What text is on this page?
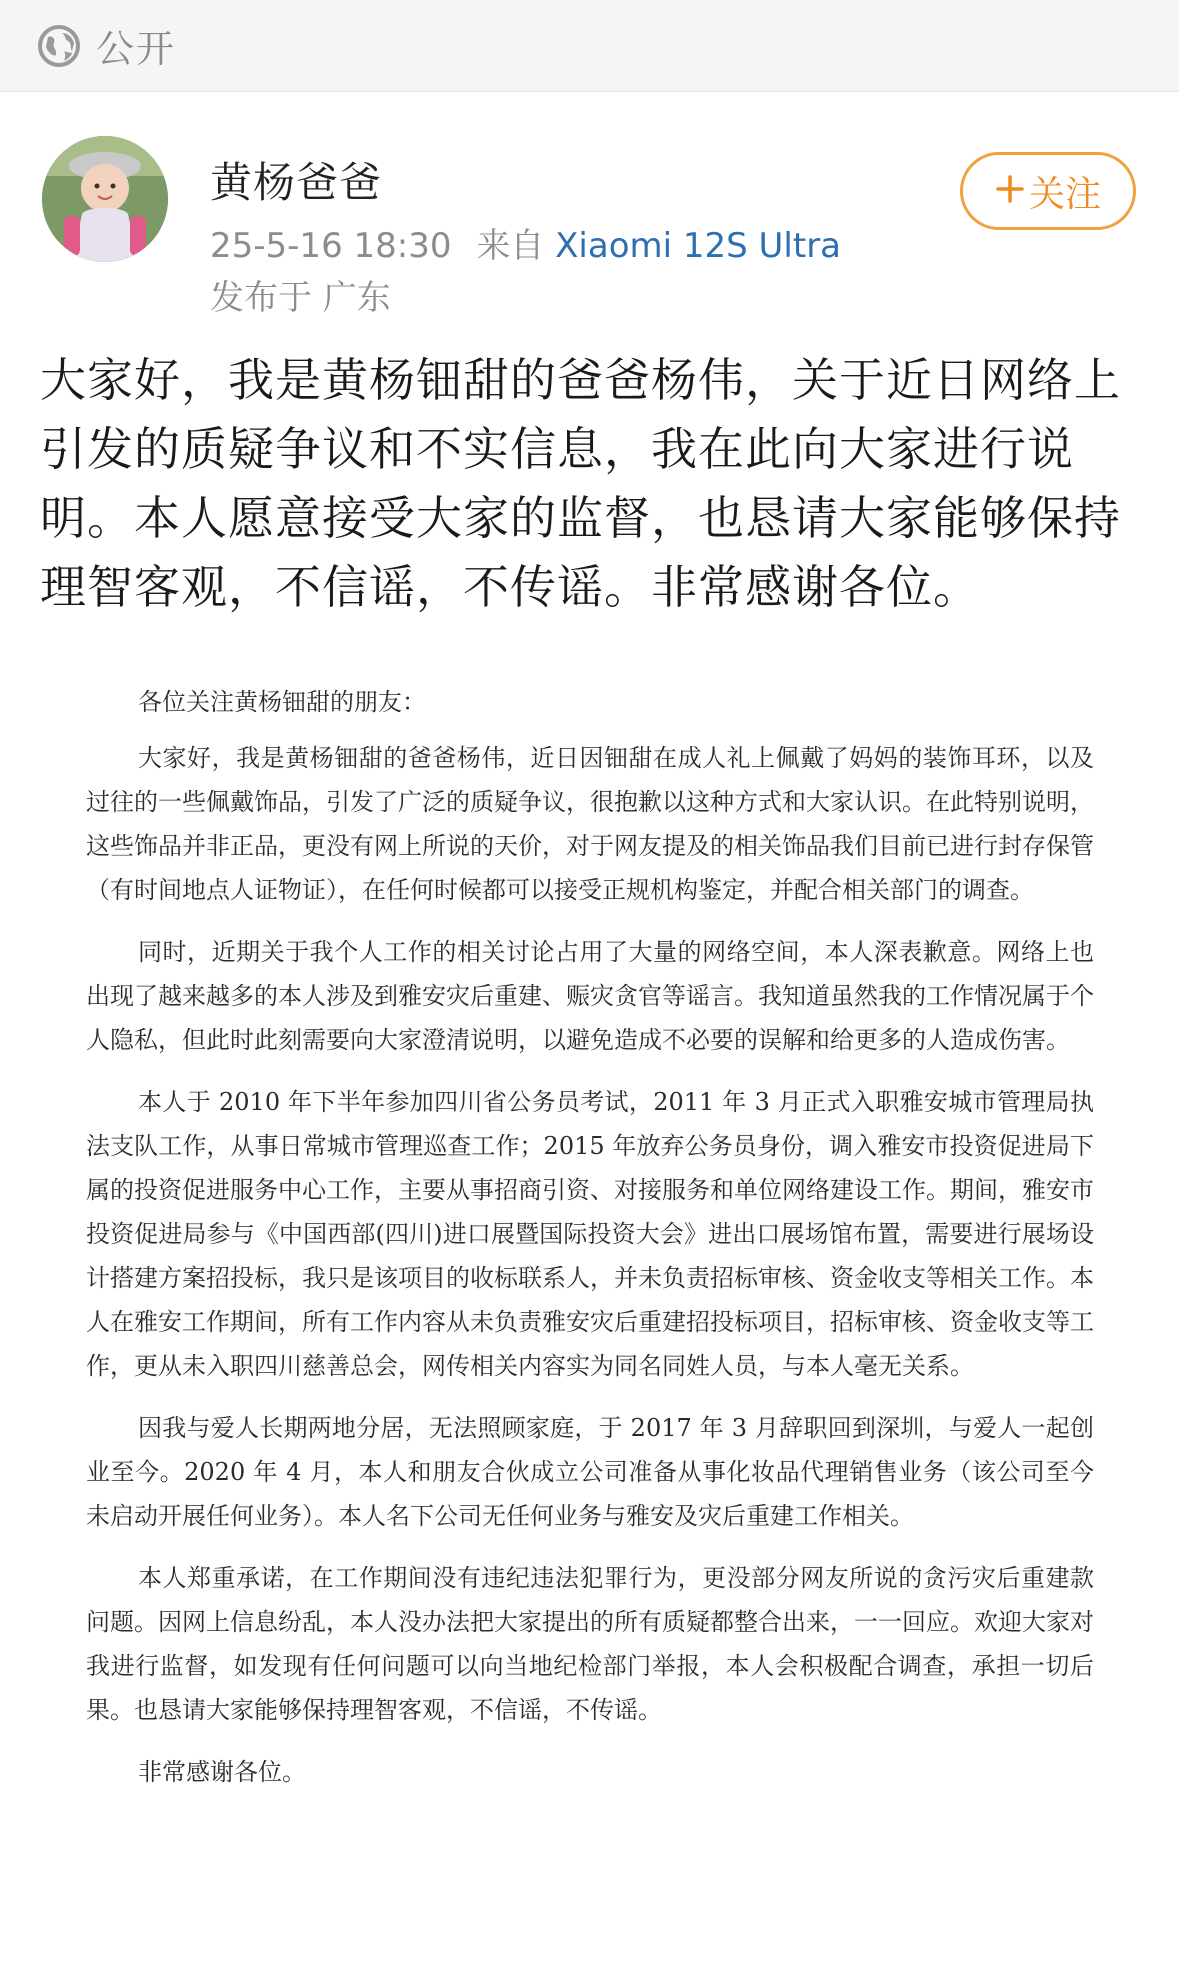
公开
黄杨爸爸
25-5-16 18:30 来自 Xiaomi 12S Ultra
发布于 广东
关注
大家好，我是黄杨钿甜的爸爸杨伟，关于近日网络上引发的质疑争议和不实信息，我在此向大家进行说明。本人愿意接受大家的监督，也恳请大家能够保持理智客观，不信谣，不传谣。非常感谢各位。
各位关注黄杨钿甜的朋友：

大家好，我是黄杨钿甜的爸爸杨伟，近日因钿甜在成人礼上佩戴了妈妈的装饰耳环，以及过往的一些佩戴饰品，引发了广泛的质疑争议，很抱歉以这种方式和大家认识。在此特别说明，这些饰品并非正品，更没有网上所说的天价，对于网友提及的相关饰品我们目前已进行封存保管（有时间地点人证物证），在任何时候都可以接受正规机构鉴定，并配合相关部门的调查。

同时，近期关于我个人工作的相关讨论占用了大量的网络空间，本人深表歉意。网络上也出现了越来越多的本人涉及到雅安灾后重建、赈灾贪官等谣言。我知道虽然我的工作情况属于个人隐私，但此时此刻需要向大家澄清说明，以避免造成不必要的误解和给更多的人造成伤害。

本人于 2010 年下半年参加四川省公务员考试，2011 年 3 月正式入职雅安城市管理局执法支队工作，从事日常城市管理巡查工作；2015 年放弃公务员身份，调入雅安市投资促进局下属的投资促进服务中心工作，主要从事招商引资、对接服务和单位网络建设工作。期间，雅安市投资促进局参与《中国西部(四川)进口展暨国际投资大会》进出口展场馆布置，需要进行展场设计搭建方案招投标，我只是该项目的收标联系人，并未负责招标审核、资金收支等相关工作。本人在雅安工作期间，所有工作内容从未负责雅安灾后重建招投标项目，招标审核、资金收支等工作，更从未入职四川慈善总会，网传相关内容实为同名同姓人员，与本人毫无关系。

因我与爱人长期两地分居，无法照顾家庭，于 2017 年 3 月辞职回到深圳，与爱人一起创业至今。2020 年 4 月，本人和朋友合伙成立公司准备从事化妆品代理销售业务（该公司至今未启动开展任何业务）。本人名下公司无任何业务与雅安及灾后重建工作相关。

本人郑重承诺，在工作期间没有违纪违法犯罪行为，更没部分网友所说的贪污灾后重建款问题。因网上信息纷乱，本人没办法把大家提出的所有质疑都整合出来，一一回应。欢迎大家对我进行监督，如发现有任何问题可以向当地纪检部门举报，本人会积极配合调查，承担一切后果。也恳请大家能够保持理智客观，不信谣，不传谣。

非常感谢各位。
